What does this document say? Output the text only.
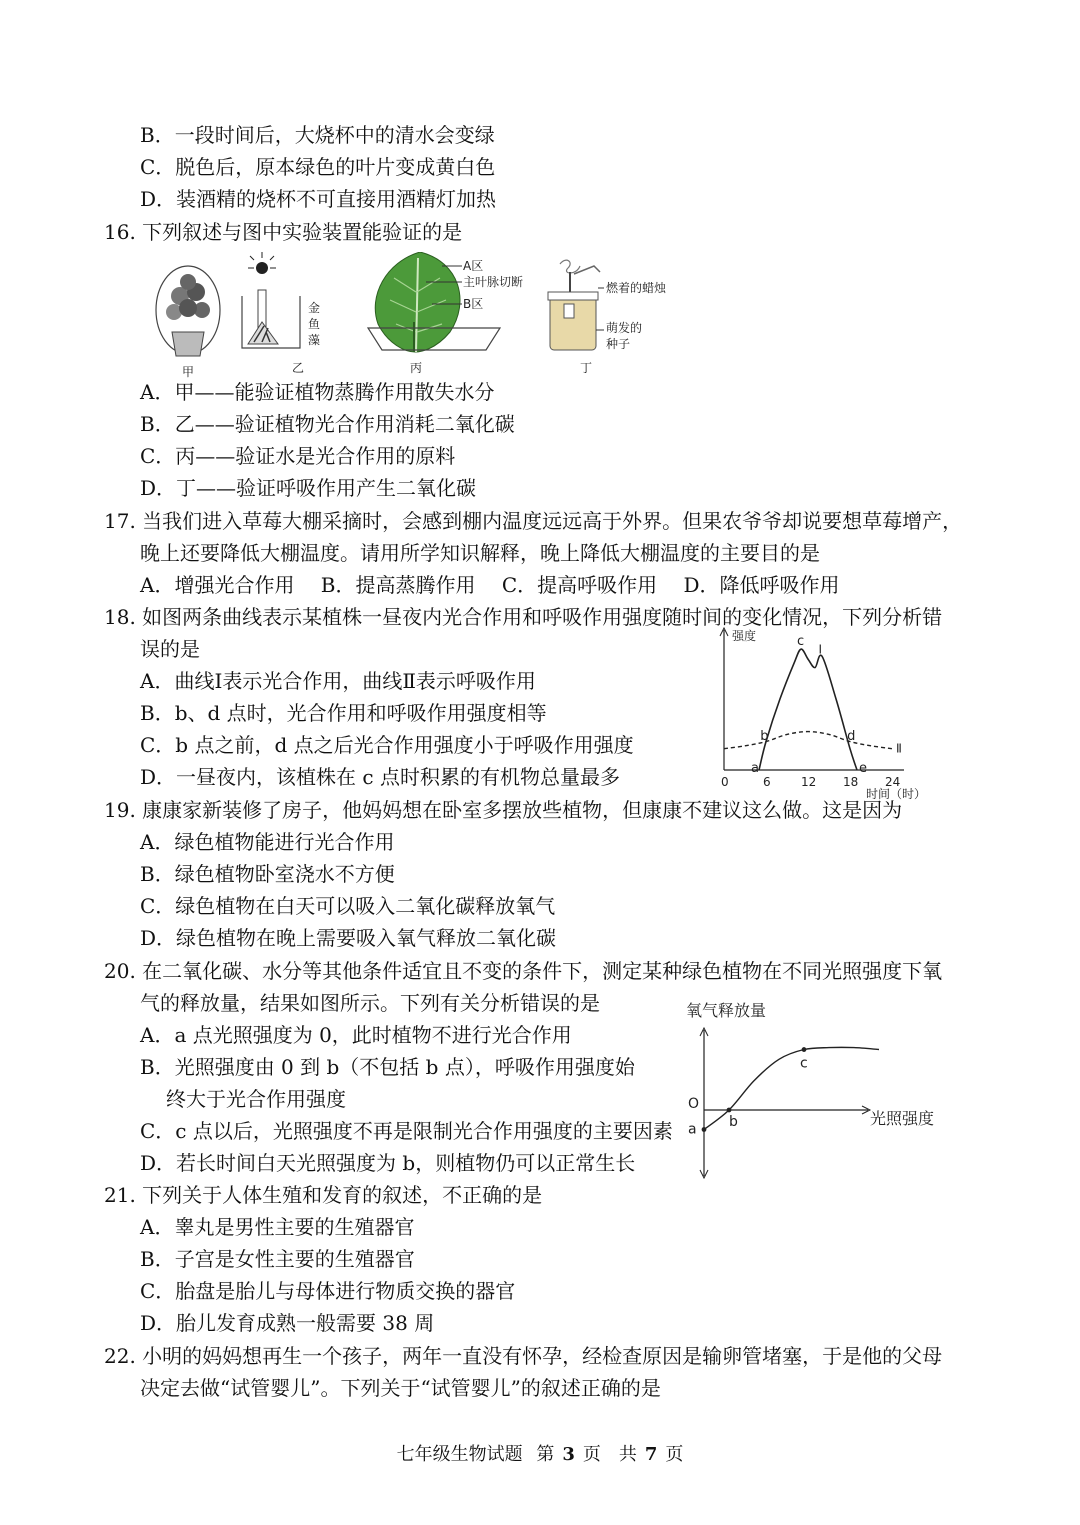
B．一段时间后，大烧杯中的清水会变绿
C．脱色后，原本绿色的叶片变成黄白色
D．装酒精的烧杯不可直接用酒精灯加热
16. 下列叙述与图中实验装置能验证的是
甲
金
鱼
藻
乙
A区
主叶脉切断
B区
丙
燃着的蜡烛
萌发的
种子
丁
A．甲——能验证植物蒸腾作用散失水分
B．乙——验证植物光合作用消耗二氧化碳
C．丙——验证水是光合作用的原料
D．丁——验证呼吸作用产生二氧化碳
17. 当我们进入草莓大棚采摘时，会感到棚内温度远远高于外界。但果农爷爷却说要想草莓增产，
晚上还要降低大棚温度。请用所学知识解释，晚上降低大棚温度的主要目的是
A．增强光合作用　 B．提高蒸腾作用　 C．提高呼吸作用　 D．降低呼吸作用
18. 如图两条曲线表示某植株一昼夜内光合作用和呼吸作用强度随时间的变化情况，下列分析错
误的是
A．曲线Ⅰ表示光合作用，曲线Ⅱ表示呼吸作用
B．b、d 点时，光合作用和呼吸作用强度相等
C．b 点之前，d 点之后光合作用强度小于呼吸作用强度
D．一昼夜内，该植株在 c 点时积累的有机物总量最多
强度
时间（时）
0	6	12 18 24
a
b
c
d
e
Ⅰ
Ⅱ
19. 康康家新装修了房子，他妈妈想在卧室多摆放些植物，但康康不建议这么做。这是因为
A．绿色植物能进行光合作用
B．绿色植物卧室浇水不方便
C．绿色植物在白天可以吸入二氧化碳释放氧气
D．绿色植物在晚上需要吸入氧气释放二氧化碳
20. 在二氧化碳、水分等其他条件适宜且不变的条件下，测定某种绿色植物在不同光照强度下氧
气的释放量，结果如图所示。下列有关分析错误的是
A．a 点光照强度为 0，此时植物不进行光合作用
B．光照强度由 0 到 b（不包括 b 点），呼吸作用强度始
终大于光合作用强度
C．c 点以后，光照强度不再是限制光合作用强度的主要因素
D．若长时间白天光照强度为 b，则植物仍可以正常生长
氧气释放量
光照强度
O
a b
c
21. 下列关于人体生殖和发育的叙述，不正确的是
A．睾丸是男性主要的生殖器官
B．子宫是女性主要的生殖器官
C．胎盘是胎儿与母体进行物质交换的器官
D．胎儿发育成熟一般需要 38 周
22. 小明的妈妈想再生一个孩子，两年一直没有怀孕，经检查原因是输卵管堵塞，于是他的父母
决定去做“试管婴儿”。下列关于“试管婴儿”的叙述正确的是
七年级生物试题 第 3 页　共 7 页
